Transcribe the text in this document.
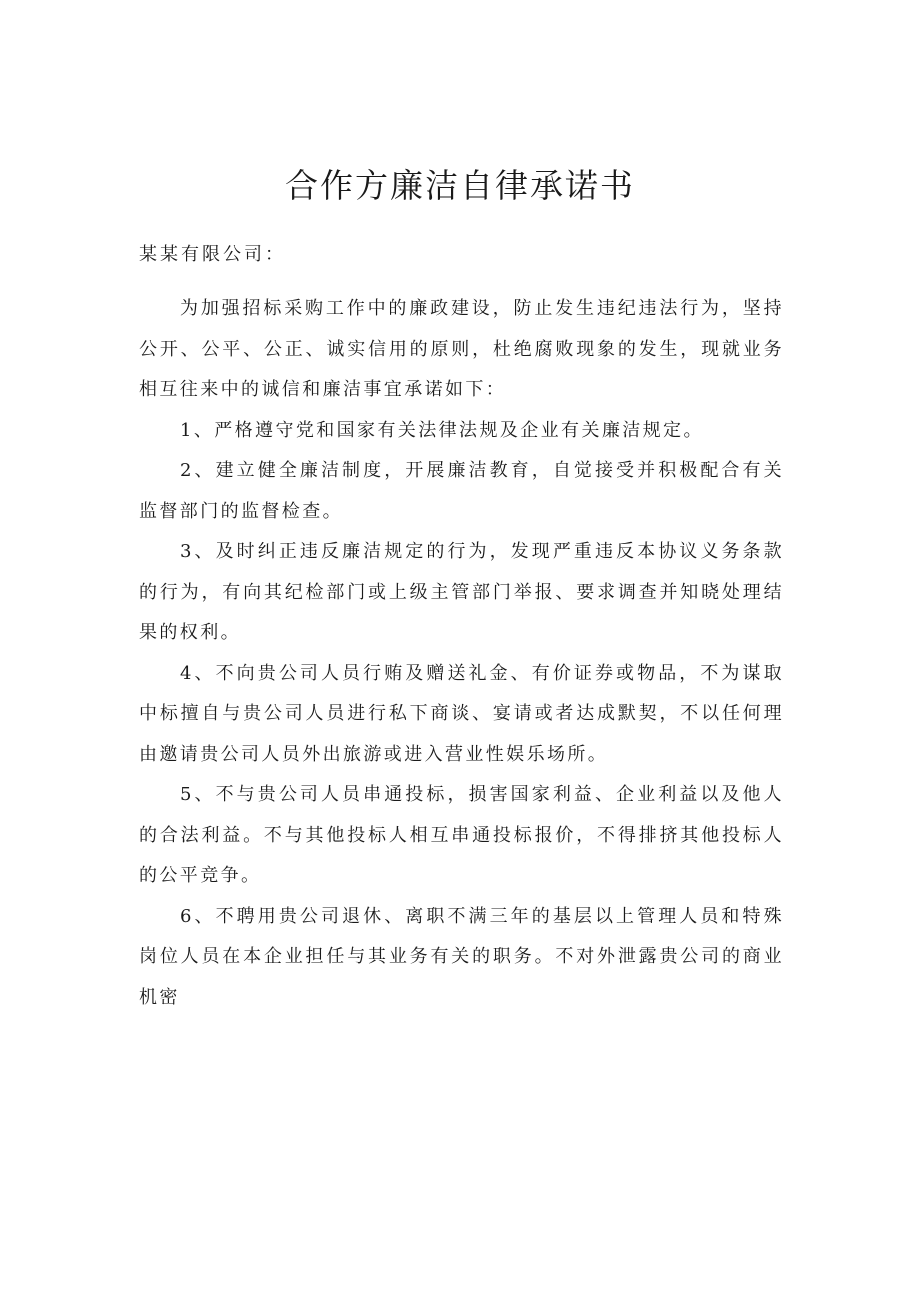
合作方廉洁自律承诺书
某某有限公司：

为加强招标采购工作中的廉政建设，防止发生违纪违法行为，坚持公开、公平、公正、诚实信用的原则，杜绝腐败现象的发生，现就业务相互往来中的诚信和廉洁事宜承诺如下：

1、严格遵守党和国家有关法律法规及企业有关廉洁规定。

2、建立健全廉洁制度，开展廉洁教育，自觉接受并积极配合有关监督部门的监督检查。

3、及时纠正违反廉洁规定的行为，发现严重违反本协议义务条款的行为，有向其纪检部门或上级主管部门举报、要求调查并知晓处理结果的权利。

4、不向贵公司人员行贿及赠送礼金、有价证券或物品，不为谋取中标擅自与贵公司人员进行私下商谈、宴请或者达成默契，不以任何理由邀请贵公司人员外出旅游或进入营业性娱乐场所。

5、不与贵公司人员串通投标，损害国家利益、企业利益以及他人的合法利益。不与其他投标人相互串通投标报价，不得排挤其他投标人的公平竞争。

6、不聘用贵公司退休、离职不满三年的基层以上管理人员和特殊岗位人员在本企业担任与其业务有关的职务。不对外泄露贵公司的商业机密
